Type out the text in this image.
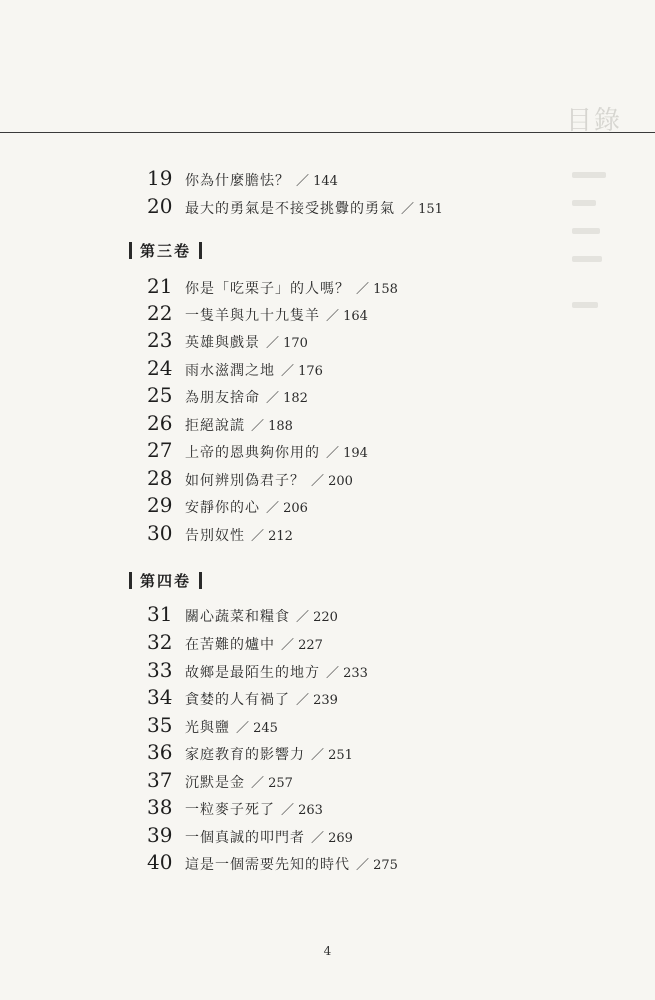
目錄
19 你為什麼膽怯？ ／ 144
20 最大的勇氣是不接受挑釁的勇氣 ／ 151
第三卷
21 你是「吃栗子」的人嗎？ ／ 158
22 一隻羊與九十九隻羊 ／ 164
23 英雄與戲景 ／ 170
24 雨水滋潤之地 ／ 176
25 為朋友捨命 ／ 182
26 拒絕說謊 ／ 188
27 上帝的恩典夠你用的 ／ 194
28 如何辨別偽君子？ ／ 200
29 安靜你的心 ／ 206
30 告別奴性 ／ 212
第四卷
31 關心蔬菜和糧食 ／ 220
32 在苦難的爐中 ／ 227
33 故鄉是最陌生的地方 ／ 233
34 貪婪的人有禍了 ／ 239
35 光與鹽 ／ 245
36 家庭教育的影響力 ／ 251
37 沉默是金 ／ 257
38 一粒麥子死了 ／ 263
39 一個真誠的叩門者 ／ 269
40 這是一個需要先知的時代 ／ 275
4
